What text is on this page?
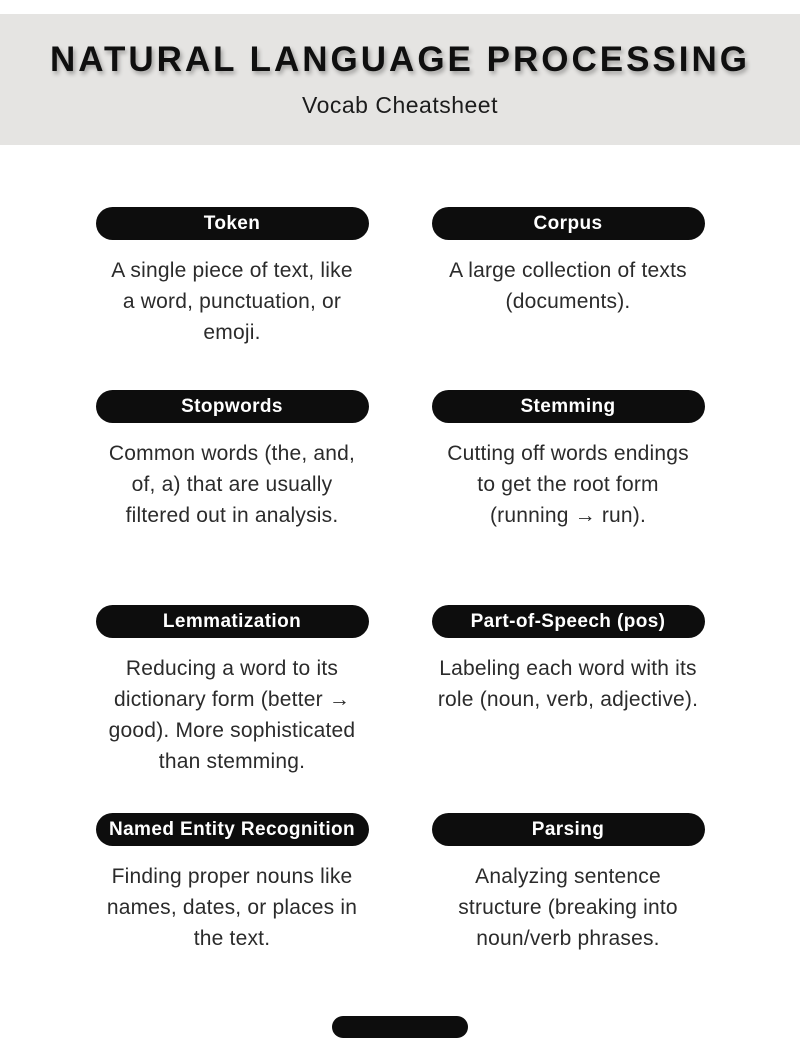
NATURAL LANGUAGE PROCESSING
Vocab Cheatsheet
Token
A single piece of text, like
a word, punctuation, or
emoji.
Corpus
A large collection of texts
(documents).
Stopwords
Common words (the, and,
of, a) that are usually
filtered out in analysis.
Stemming
Cutting off words endings
to get the root form
(running → run).
Lemmatization
Reducing a word to its
dictionary form (better →
good). More sophisticated
than stemming.
Part-of-Speech (pos)
Labeling each word with its
role (noun, verb, adjective).
Named Entity Recognition
Finding proper nouns like
names, dates, or places in
the text.
Parsing
Analyzing sentence
structure (breaking into
noun/verb phrases.
